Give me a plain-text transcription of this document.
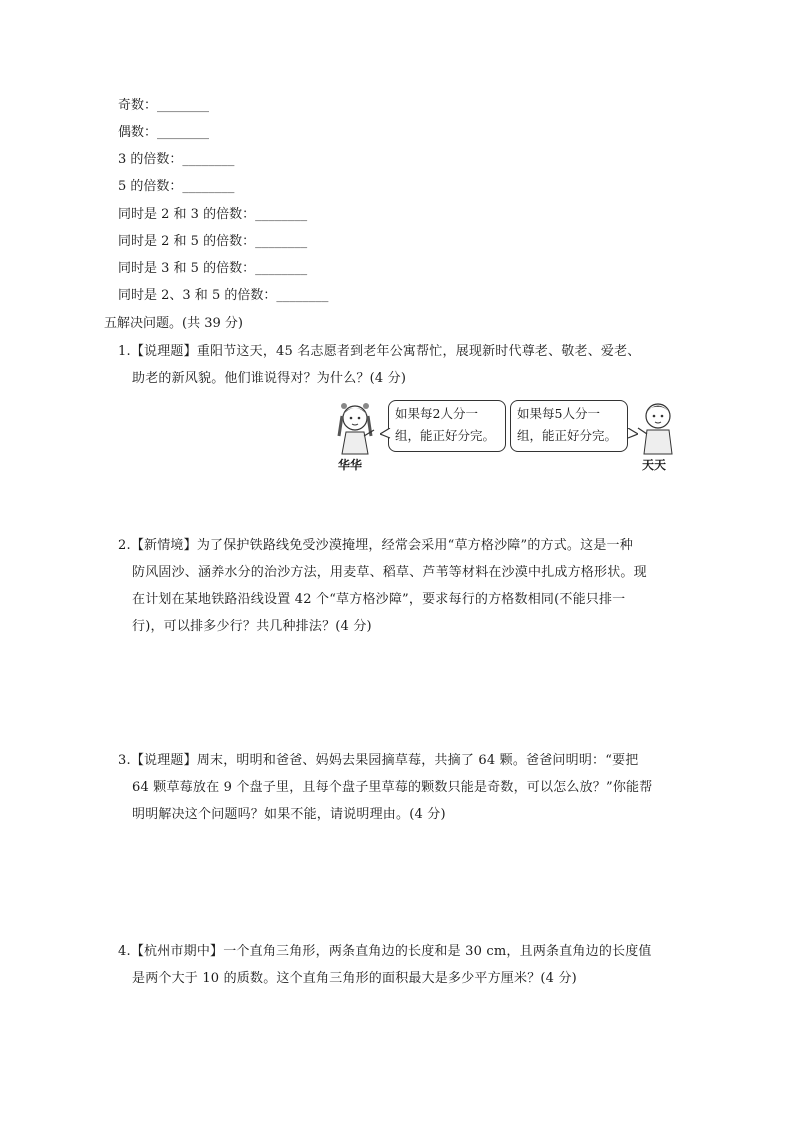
奇数：________
偶数：________
3 的倍数：________
5 的倍数：________
同时是 2 和 3 的倍数：________
同时是 2 和 5 的倍数：________
同时是 3 和 5 的倍数：________
同时是 2、3 和 5 的倍数：________
五解决问题。(共 39 分)
1.【说理题】重阳节这天，45 名志愿者到老年公寓帮忙，展现新时代尊老、敬老、爱老、
助老的新风貌。他们谁说得对？为什么？(4 分)
华华
如果每2人分一
组，能正好分完。
如果每5人分一
组，能正好分完。
天天
2.【新情境】为了保护铁路线免受沙漠掩埋，经常会采用“草方格沙障”的方式。这是一种
防风固沙、涵养水分的治沙方法，用麦草、稻草、芦苇等材料在沙漠中扎成方格形状。现
在计划在某地铁路沿线设置 42 个“草方格沙障”，要求每行的方格数相同(不能只排一
行)，可以排多少行？共几种排法？(4 分)
3.【说理题】周末，明明和爸爸、妈妈去果园摘草莓，共摘了 64 颗。爸爸问明明：“要把
64 颗草莓放在 9 个盘子里，且每个盘子里草莓的颗数只能是奇数，可以怎么放？”你能帮
明明解决这个问题吗？如果不能，请说明理由。(4 分)
4.【杭州市期中】一个直角三角形，两条直角边的长度和是 30 cm，且两条直角边的长度值
是两个大于 10 的质数。这个直角三角形的面积最大是多少平方厘米？(4 分)
